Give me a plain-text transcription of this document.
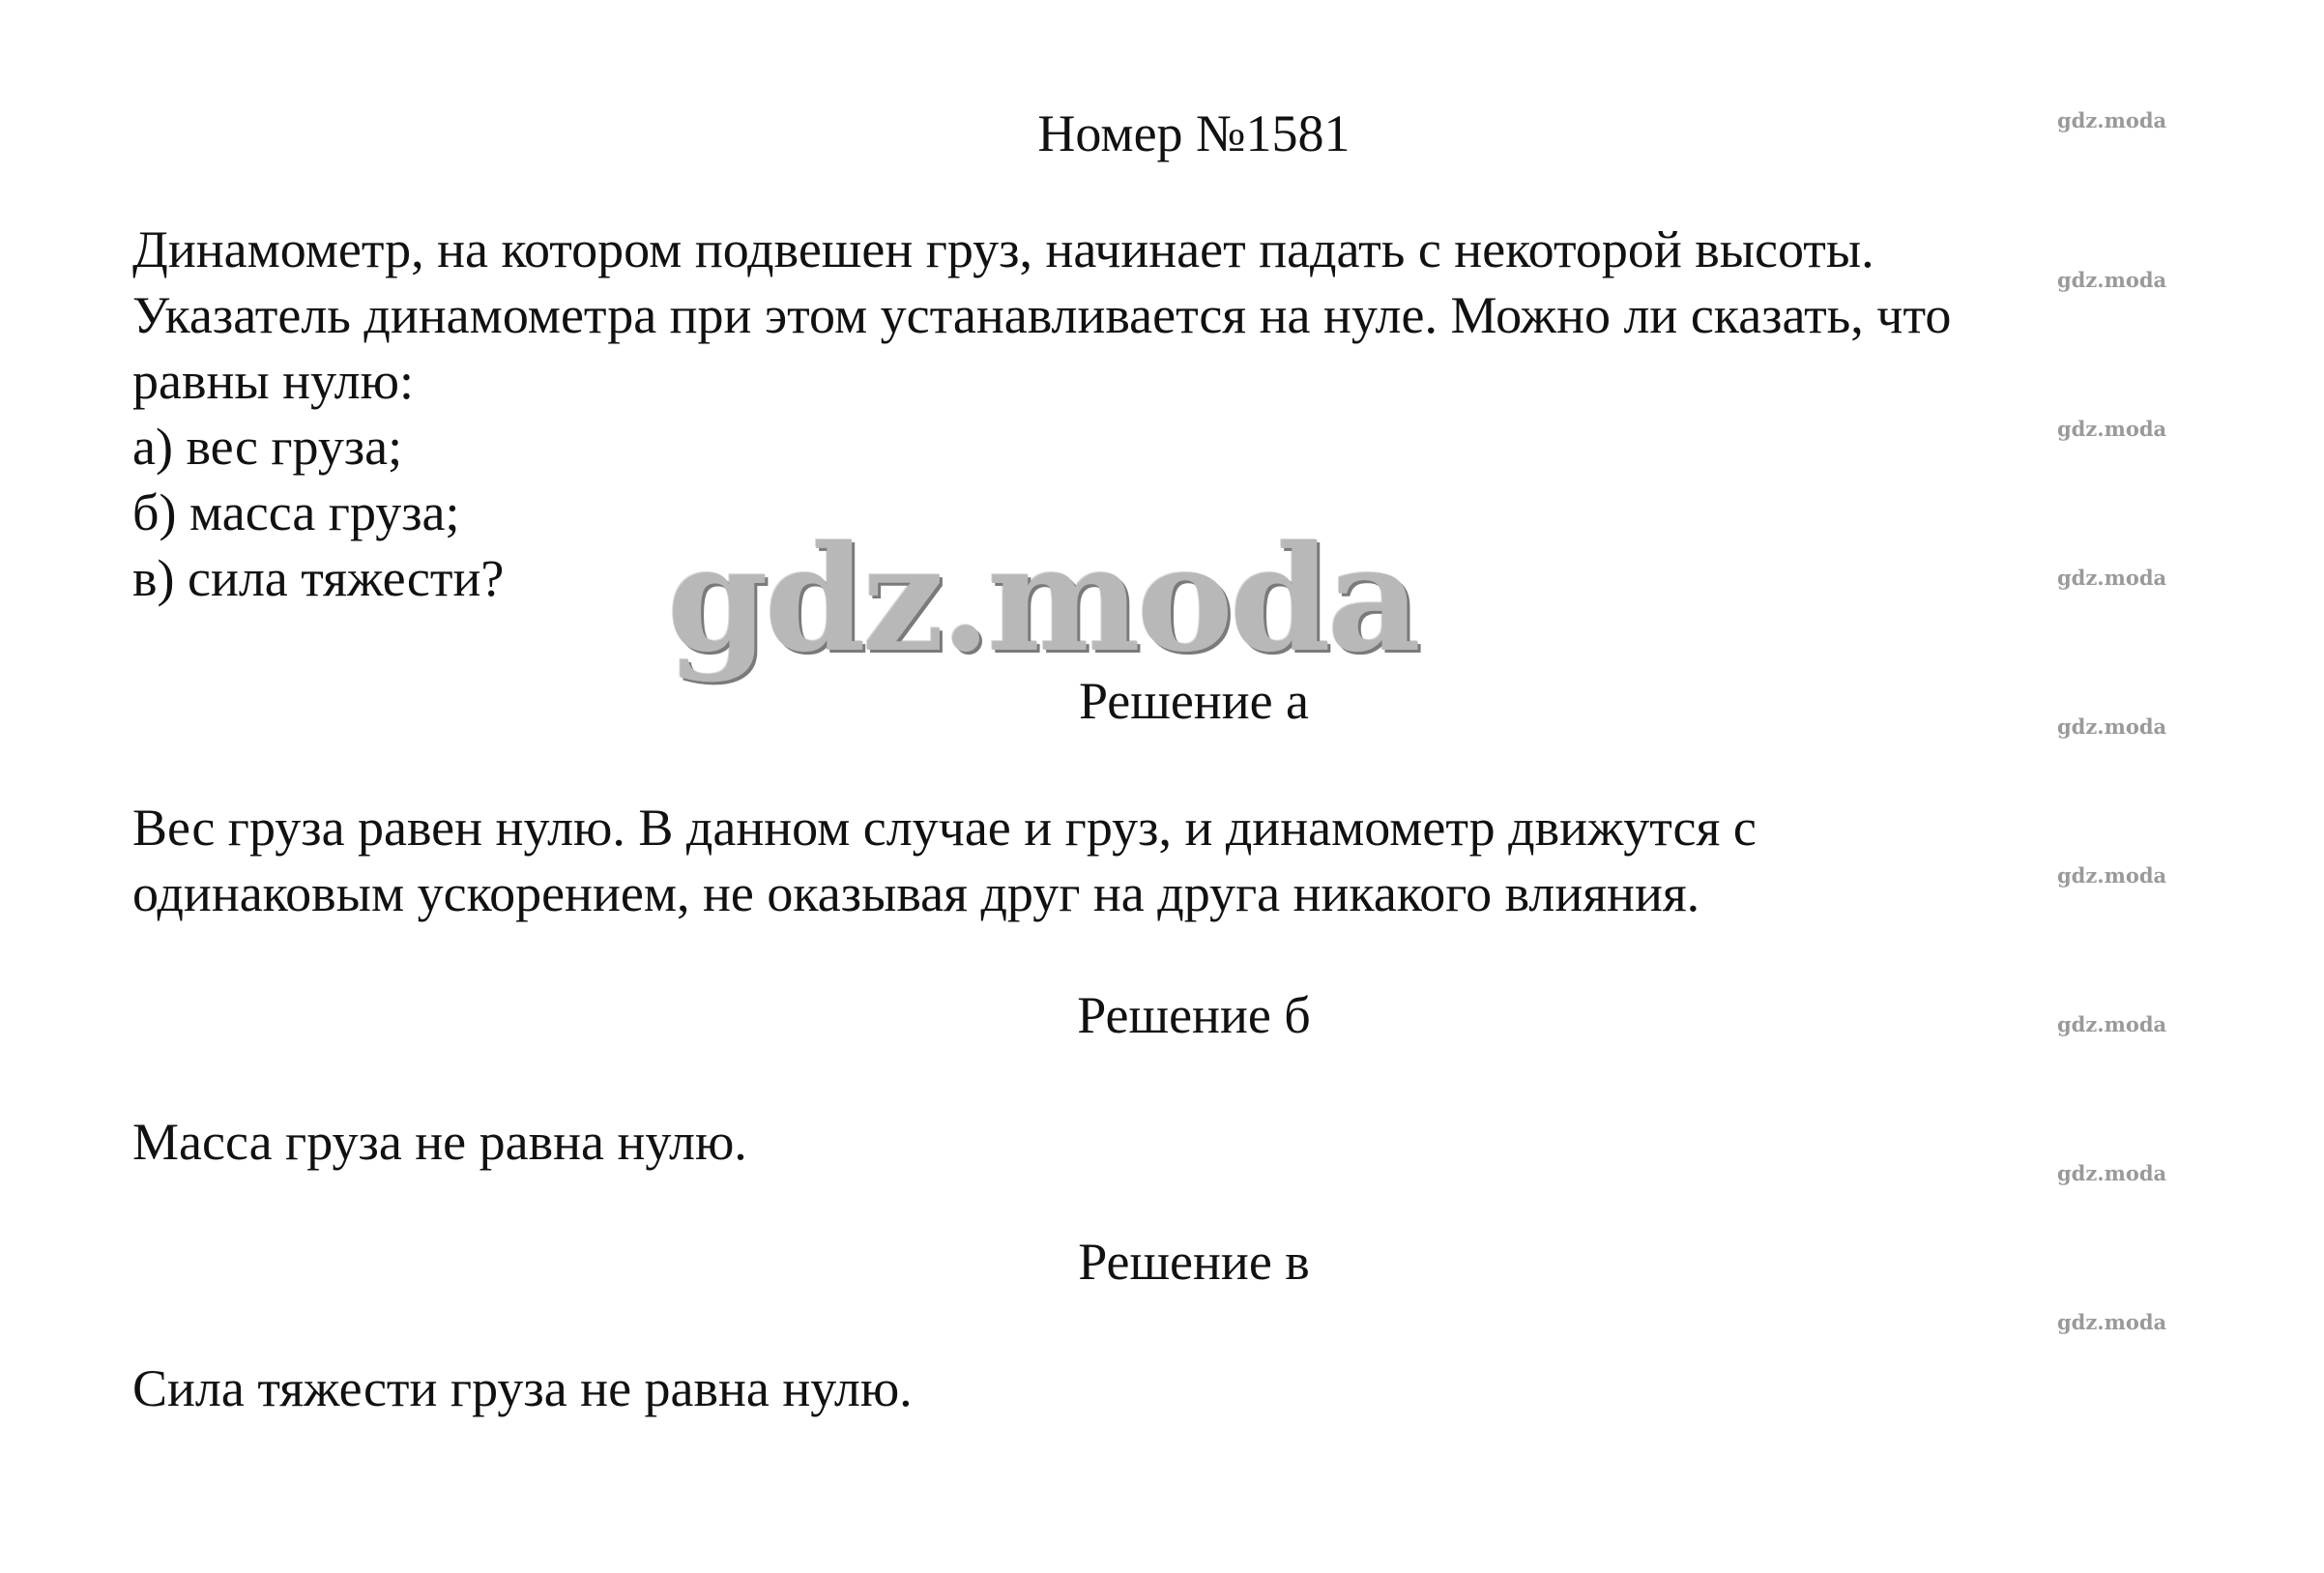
Номер №1581
Динамометр, на котором подвешен груз, начинает падать с некоторой высоты.
Указатель динамометра при этом устанавливается на нуле. Можно ли сказать, что
равны нулю:
а) вес груза;
б) масса груза;
в) сила тяжести?	gdz.moda
Решение а
Вес груза равен нулю. В данном случае и груз, и динамометр движутся с
одинаковым ускорением, не оказывая друг на друга никакого влияния.
Решение б
Масса груза не равна нулю.
Решение в
Сила тяжести груза не равна нулю.
gdz.moda
gdz.moda
gdz.moda
gdz.moda
gdz.moda
gdz.moda
gdz.moda
gdz.moda
gdz.moda
